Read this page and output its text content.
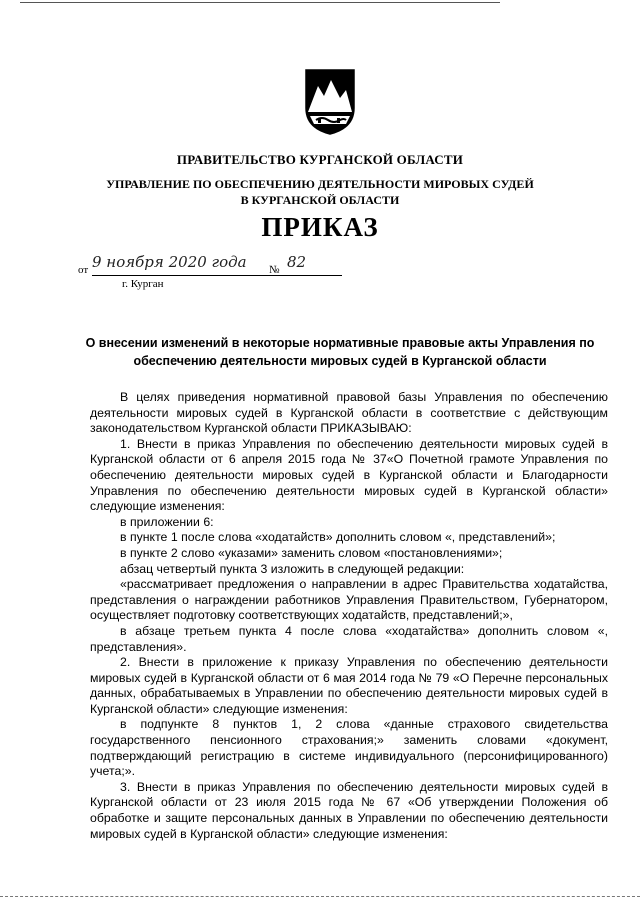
ПРАВИТЕЛЬСТВО КУРГАНСКОЙ ОБЛАСТИ
УПРАВЛЕНИЕ ПО ОБЕСПЕЧЕНИЮ ДЕЯТЕЛЬНОСТИ МИРОВЫХ СУДЕЙ
В КУРГАНСКОЙ ОБЛАСТИ
ПРИКАЗ
от 9 ноября 2020 года № 82
г. Курган
О внесении изменений в некоторые нормативные правовые акты Управления по обеспечению деятельности мировых судей в Курганской области

В целях приведения нормативной правовой базы Управления по обеспечению деятельности мировых судей в Курганской области в соответствие с действующим законодательством Курганской области ПРИКАЗЫВАЮ:

1. Внести в приказ Управления по обеспечению деятельности мировых судей в Курганской области от 6 апреля 2015 года № 37«О Почетной грамоте Управления по обеспечению деятельности мировых судей в Курганской области и Благодарности Управления по обеспечению деятельности мировых судей в Курганской области» следующие изменения:

в приложении 6:

в пункте 1 после слова «ходатайств» дополнить словом «, представлений»;

в пункте 2 слово «указами» заменить словом «постановлениями»;

абзац четвертый пункта 3 изложить в следующей редакции:

«рассматривает предложения о направлении в адрес Правительства ходатайства, представления о награждении работников Управления Правительством, Губернатором, осуществляет подготовку соответствующих ходатайств, представлений;»,

в абзаце третьем пункта 4 после слова «ходатайства» дополнить словом «, представления».

2. Внести в приложение к приказу Управления по обеспечению деятельности мировых судей в Курганской области от 6 мая 2014 года № 79 «О Перечне персональных данных, обрабатываемых в Управлении по обеспечению деятельности мировых судей в Курганской области» следующие изменения:

в подпункте 8 пунктов 1, 2 слова «данные страхового свидетельства государственного пенсионного страхования;» заменить словами «документ, подтверждающий регистрацию в системе индивидуального (персонифицированного) учета;».

3. Внести в приказ Управления по обеспечению деятельности мировых судей в Курганской области от 23 июля 2015 года № 67 «Об утверждении Положения об обработке и защите персональных данных в Управлении по обеспечению деятельности мировых судей в Курганской области» следующие изменения:
